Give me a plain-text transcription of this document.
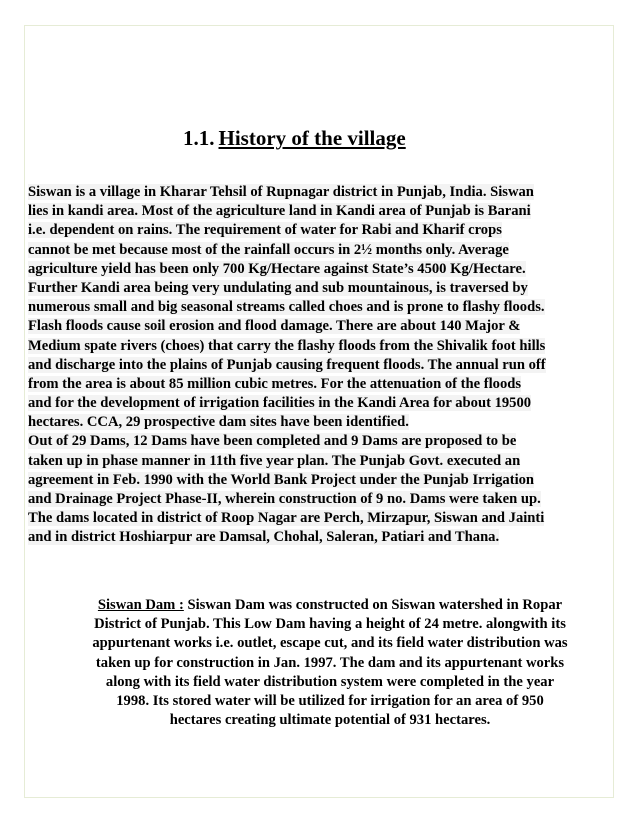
1.1. History of the village
Siswan is a village in Kharar Tehsil of Rupnagar district in Punjab, India. Siswan
lies in kandi area. Most of the agriculture land in Kandi area of Punjab is Barani
i.e. dependent on rains. The requirement of water for Rabi and Kharif crops
cannot be met because most of the rainfall occurs in 2½ months only. Average
agriculture yield has been only 700 Kg/Hectare against State’s 4500 Kg/Hectare.
Further Kandi area being very undulating and sub mountainous, is traversed by
numerous small and big seasonal streams called choes and is prone to flashy floods.
Flash floods cause soil erosion and flood damage. There are about 140 Major &
Medium spate rivers (choes) that carry the flashy floods from the Shivalik foot hills
and discharge into the plains of Punjab causing frequent floods. The annual run off
from the area is about 85 million cubic metres. For the attenuation of the floods
and for the development of irrigation facilities in the Kandi Area for about 19500
hectares. CCA, 29 prospective dam sites have been identified.
Out of 29 Dams, 12 Dams have been completed and 9 Dams are proposed to be
taken up in phase manner in 11th five year plan. The Punjab Govt. executed an
agreement in Feb. 1990 with the World Bank Project under the Punjab Irrigation
and Drainage Project Phase-II, wherein construction of 9 no. Dams were taken up.
The dams located in district of Roop Nagar are Perch, Mirzapur, Siswan and Jainti
and in district Hoshiarpur are Damsal, Chohal, Saleran, Patiari and Thana.
Siswan Dam : Siswan Dam was constructed on Siswan watershed in Ropar
District of Punjab. This Low Dam having a height of 24 metre. alongwith its
appurtenant works i.e. outlet, escape cut, and its field water distribution was
taken up for construction in Jan. 1997. The dam and its appurtenant works
along with its field water distribution system were completed in the year
1998. Its stored water will be utilized for irrigation for an area of 950
hectares creating ultimate potential of 931 hectares.
